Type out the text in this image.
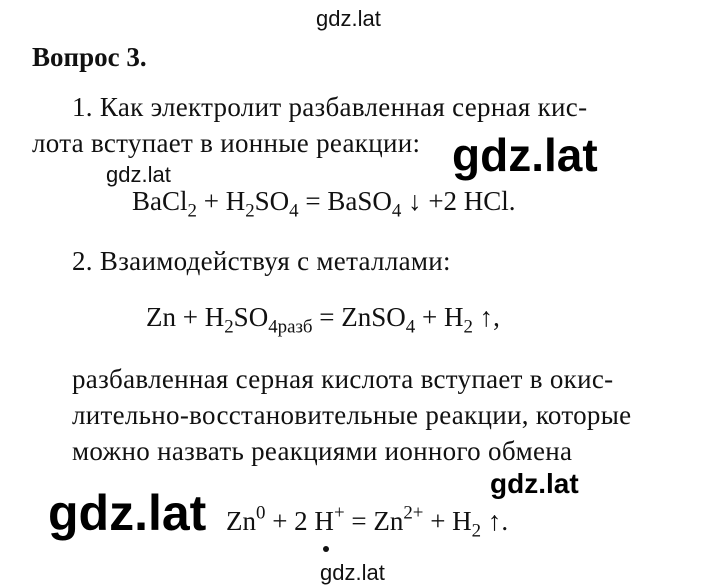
gdz.lat
Вопрос 3.
1. Как электролит разбавленная серная кис-
лота вступает в ионные реакции: gdz.lat
gdz.lat
BaCl$_2$ + $H_2SO_4$ = BaSO$_4$ ↓ +2 HCl.
2. Взаимодействуя с металлами:
$Zn + H_2SO_{4разб}$ = ZnSO$_4$ + $H_2$ ↑,
разбавленная серная кислота вступает в окис-
лительно-восстановительные реакции, которые
можно назвать реакциями ионного обмена
gdz.lat
gdz.lat $Zn^0 + 2$ $H^+ = Zn^{2+} + H_2$ ↑.
gdz.lat
